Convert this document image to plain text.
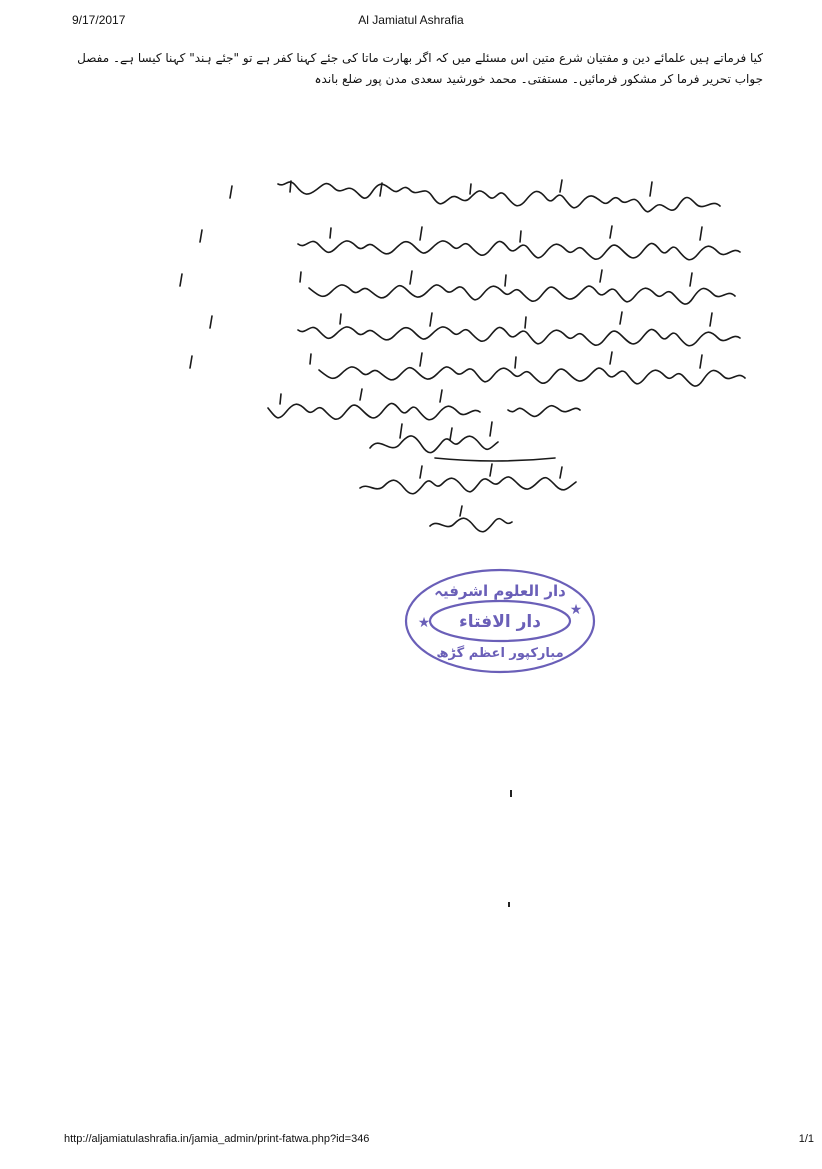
9/17/2017	Al Jamiatul Ashrafia
کیا فرماتے ہیں علمائے دین و مفتیان شرع متین اس مسئلے میں کہ اگر بھارت ماتا کی جئے کہنا کفر ہے تو "جئے ہند" کہنا کیسا ہے۔ مفصل جواب تحریر فرما کر مشکور فرمائیں۔ مستفتی۔ محمد خورشید سعدی مدن پور ضلع باندہ
★
★
دار العلوم اشرفیہ
دار الافتاء
مبارکپور اعظم گڑھ
http://aljamiatulashrafia.in/jamia_admin/print-fatwa.php?id=346	1/1
